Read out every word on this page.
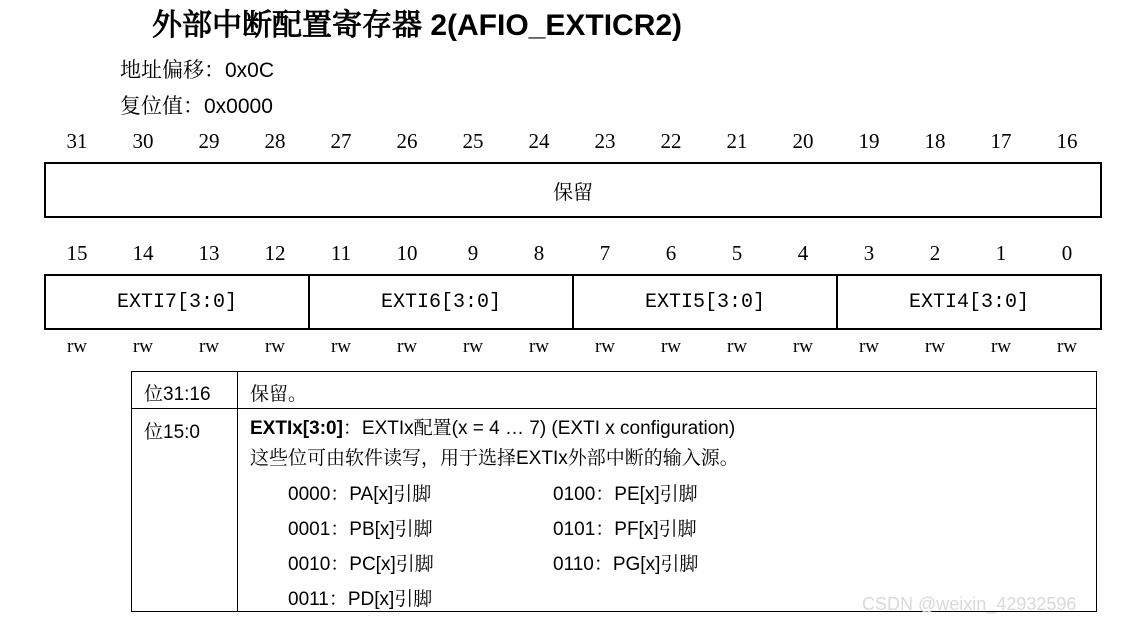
外部中断配置寄存器 2(AFIO_EXTICR2)
地址偏移：0x0C
复位值：0x0000
31	30	29	28	27	26	25	24	23	22	21	20	19	18	17	16
保留
15	14	13	12	11	10	9	8	7	6	5	4	3	2	1	0
EXTI7[3:0]	EXTI6[3:0]	EXTI5[3:0]	EXTI4[3:0]
rw	rw	rw	rw	rw	rw	rw	rw	rw	rw	rw	rw	rw	rw	rw	rw
位31:16	保留。
位15:0	EXTIx[3:0]：EXTIx配置(x = 4 … 7) (EXTI x configuration)
这些位可由软件读写，用于选择EXTIx外部中断的输入源。
0000：PA[x]引脚	0100：PE[x]引脚
0001：PB[x]引脚	0101：PF[x]引脚
0010：PC[x]引脚	0110：PG[x]引脚
0011：PD[x]引脚	CSDN @weixin_42932596
